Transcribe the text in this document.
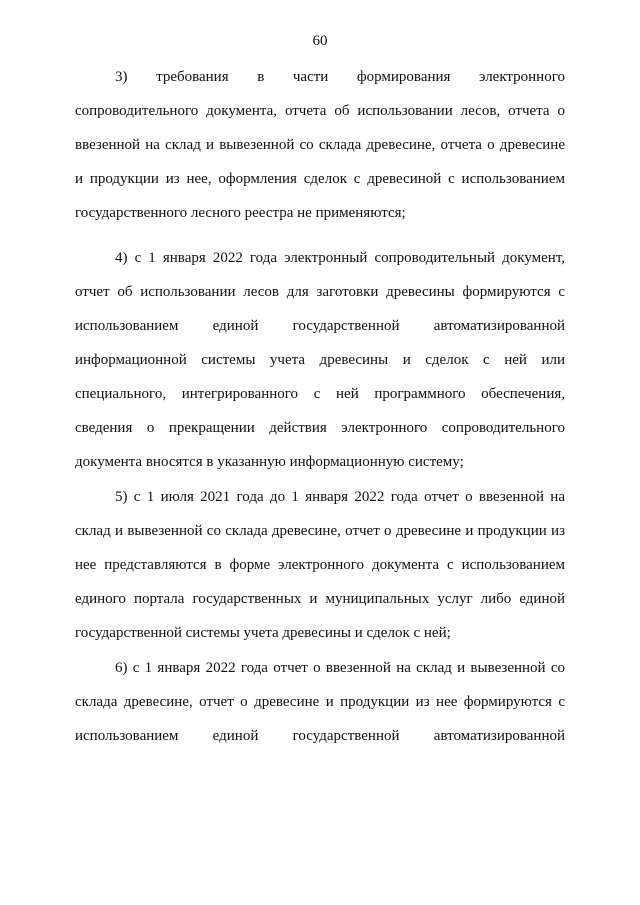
60
3) требования в части формирования электронного
сопроводительного документа, отчета об использовании лесов, отчета о
ввезенной на склад и вывезенной со склада древесине, отчета о древесине
и продукции из нее, оформления сделок с древесиной с использованием
государственного лесного реестра не применяются;
4) с 1 января 2022 года электронный сопроводительный документ,
отчет об использовании лесов для заготовки древесины формируются с
использованием единой государственной автоматизированной
информационной системы учета древесины и сделок с ней или
специального, интегрированного с ней программного обеспечения,
сведения о прекращении действия электронного сопроводительного
документа вносятся в указанную информационную систему;
5) с 1 июля 2021 года до 1 января 2022 года отчет о ввезенной на
склад и вывезенной со склада древесине, отчет о древесине и продукции из
нее представляются в форме электронного документа с использованием
единого портала государственных и муниципальных услуг либо единой
государственной системы учета древесины и сделок с ней;
6) с 1 января 2022 года отчет о ввезенной на склад и вывезенной со
склада древесине, отчет о древесине и продукции из нее формируются с
использованием единой государственной автоматизированной
